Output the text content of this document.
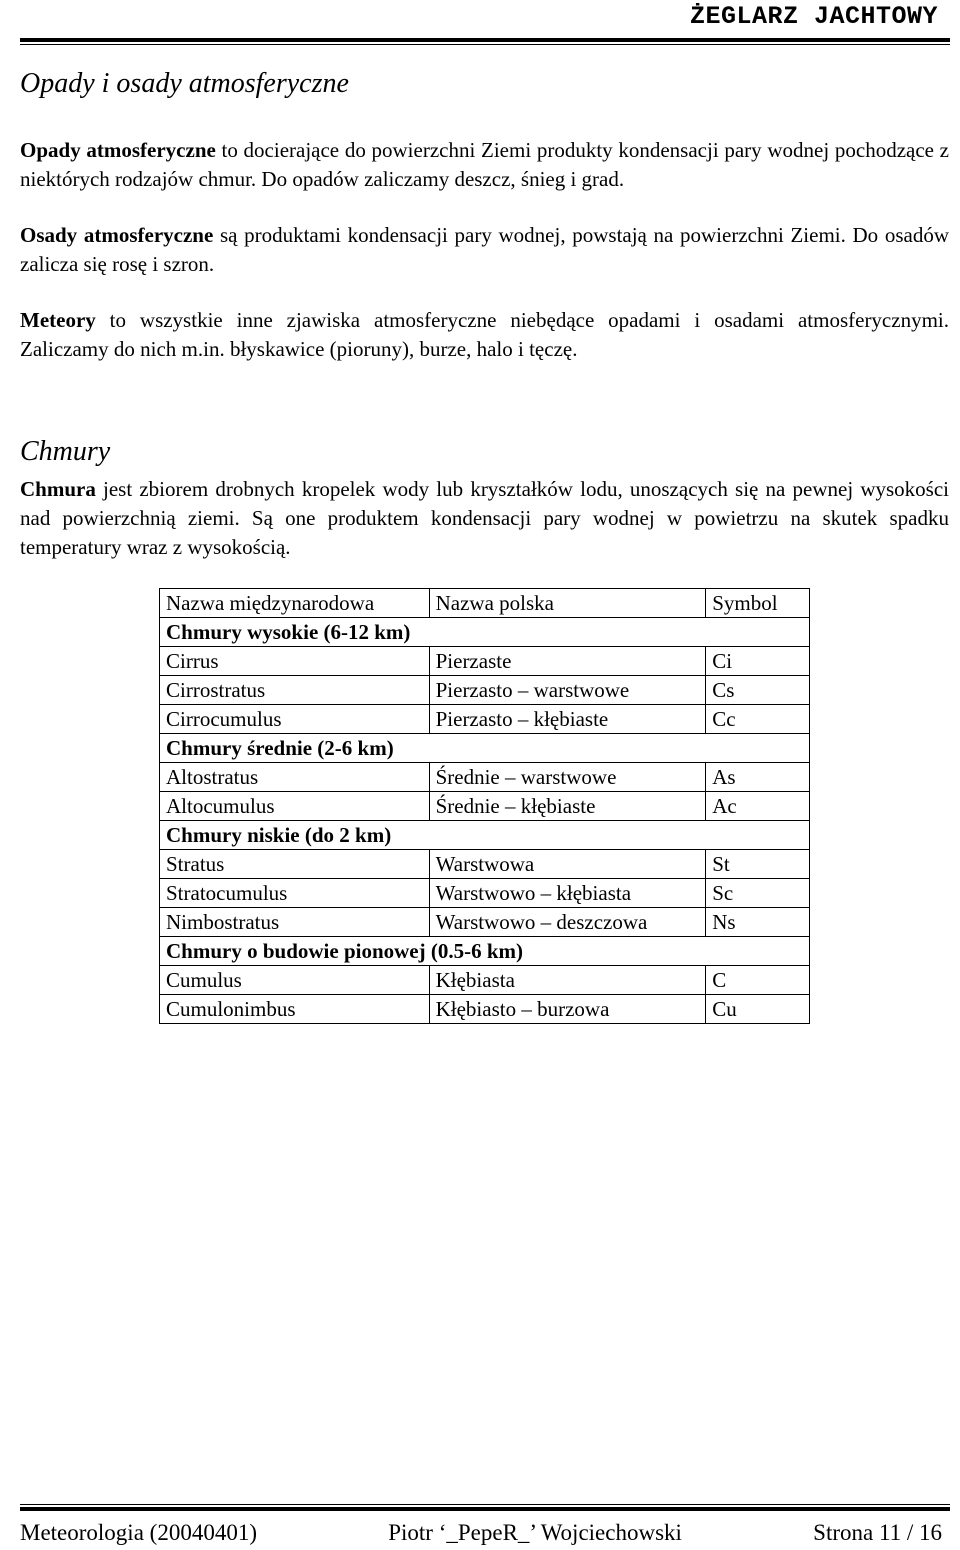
ŻEGLARZ JACHTOWY
Opady i osady atmosferyczne

Opady atmosferyczne to docierające do powierzchni Ziemi produkty kondensacji pary wodnej pochodzące z niektórych rodzajów chmur. Do opadów zaliczamy deszcz, śnieg i grad.

Osady atmosferyczne są produktami kondensacji pary wodnej, powstają na powierzchni Ziemi. Do osadów zalicza się rosę i szron.

Meteory to wszystkie inne zjawiska atmosferyczne niebędące opadami i osadami atmosferycznymi. Zaliczamy do nich m.in. błyskawice (pioruny), burze, halo i tęczę.

Chmury

Chmura jest zbiorem drobnych kropelek wody lub kryształków lodu, unoszących się na pewnej wysokości nad powierzchnią ziemi. Są one produktem kondensacji pary wodnej w powietrzu na skutek spadku temperatury wraz z wysokością.

Nazwa międzynarodowa	Nazwa polska	Symbol
Chmury wysokie (6-12 km)		
Cirrus	Pierzaste	Ci
Cirrostratus	Pierzasto – warstwowe	Cs
Cirrocumulus	Pierzasto – kłębiaste	Cc
Chmury średnie (2-6 km)		
Altostratus	Średnie – warstwowe	As
Altocumulus	Średnie – kłębiaste	Ac
Chmury niskie (do 2 km)		
Stratus	Warstwowa	St
Stratocumulus	Warstwowo – kłębiasta	Sc
Nimbostratus	Warstwowo – deszczowa	Ns
Chmury o budowie pionowej (0.5-6 km)		
Cumulus	Kłębiasta	C
Cumulonimbus	Kłębiasto – burzowa	Cu
Meteorologia (20040401)	Piotr ‘_PepeR_’ Wojciechowski	Strona 11 / 16
